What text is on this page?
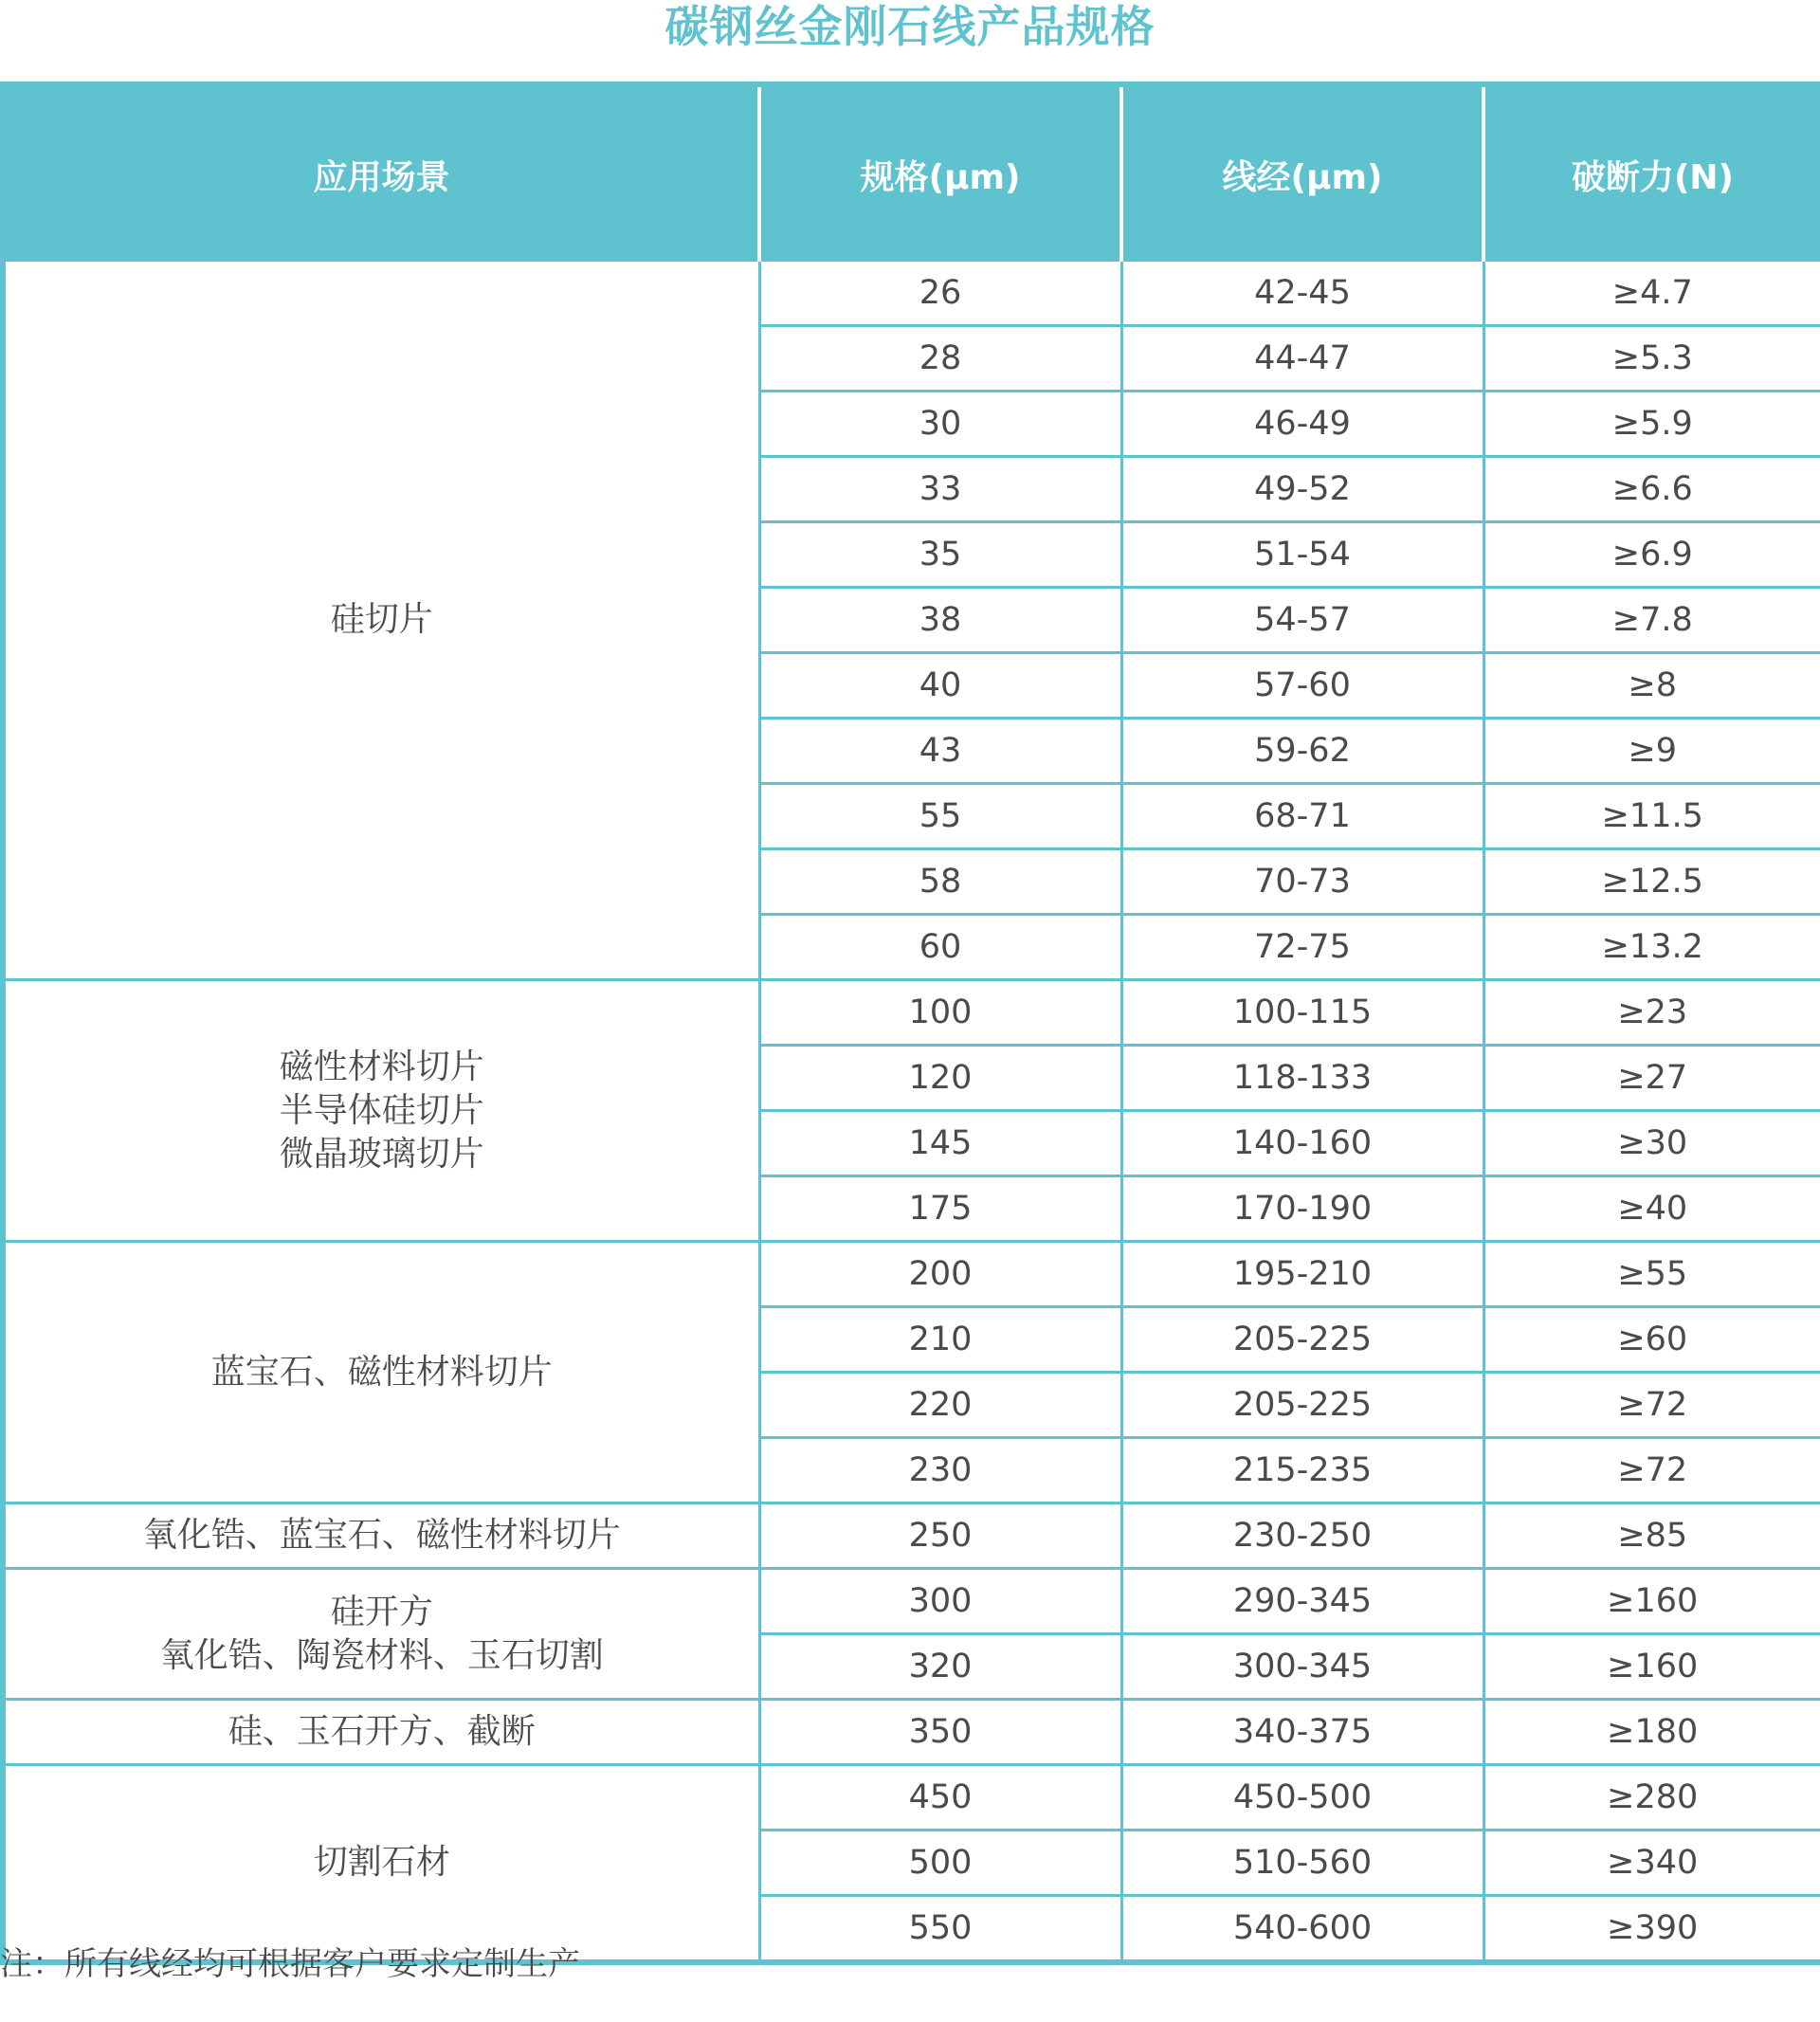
碳钢丝金刚石线产品规格
应用场景	规格(μm)	线经(μm)	破断力(N)

硅切片	26	42-45	≥4.7
	28	44-47	≥5.3
	30	46-49	≥5.9
	33	49-52	≥6.6
	35	51-54	≥6.9
	38	54-57	≥7.8
	40	57-60	≥8
	43	59-62	≥9
	55	68-71	≥11.5
	58	70-73	≥12.5
	60	72-75	≥13.2

磁性材料切片
半导体硅切片
微晶玻璃切片	100	100-115	≥23
	120	118-133	≥27
	145	140-160	≥30
	175	170-190	≥40

蓝宝石、磁性材料切片	200	195-210	≥55
	210	205-225	≥60
	220	205-225	≥72
	230	215-235	≥72

氧化锆、蓝宝石、磁性材料切片	250	230-250	≥85

硅开方
氧化锆、陶瓷材料、玉石切割	300	290-345	≥160
	320	300-345	≥160

硅、玉石开方、截断	350	340-375	≥180

切割石材	450	450-500	≥280
	500	510-560	≥340
	550	540-600	≥390
注：所有线经均可根据客户要求定制生产
